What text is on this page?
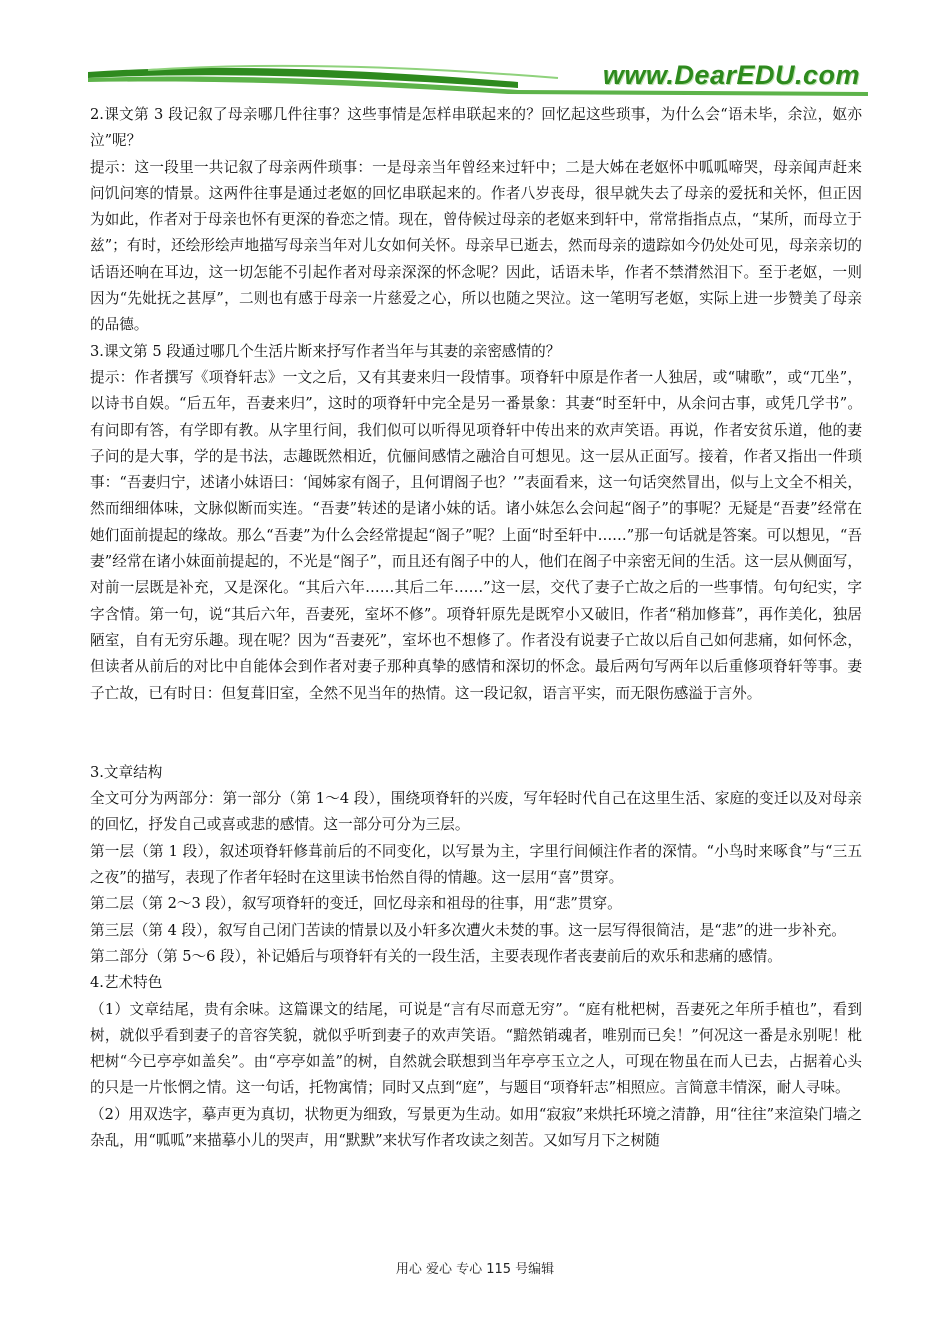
www.DearEDU.com

2.课文第 3 段记叙了母亲哪几件往事？这些事情是怎样串联起来的？回忆起这些琐事，为什么会“语未毕，余泣，妪亦泣”呢？

提示：这一段里一共记叙了母亲两件琐事：一是母亲当年曾经来过轩中；二是大姊在老妪怀中呱呱啼哭，母亲闻声赶来问饥问寒的情景。这两件往事是通过老妪的回忆串联起来的。作者八岁丧母，很早就失去了母亲的爱抚和关怀，但正因为如此，作者对于母亲也怀有更深的眷恋之情。现在，曾侍候过母亲的老妪来到轩中，常常指指点点，“某所，而母立于兹”；有时，还绘形绘声地描写母亲当年对儿女如何关怀。母亲早已逝去，然而母亲的遗踪如今仍处处可见，母亲亲切的话语还响在耳边，这一切怎能不引起作者对母亲深深的怀念呢？因此，话语未毕，作者不禁潸然泪下。至于老妪，一则因为“先妣抚之甚厚”，二则也有感于母亲一片慈爱之心，所以也随之哭泣。这一笔明写老妪，实际上进一步赞美了母亲的品德。

3.课文第 5 段通过哪几个生活片断来抒写作者当年与其妻的亲密感情的？

提示：作者撰写《项脊轩志》一文之后，又有其妻来归一段情事。项脊轩中原是作者一人独居，或“啸歌”，或“兀坐”，以诗书自娱。“后五年，吾妻来归”，这时的项脊轩中完全是另一番景象：其妻“时至轩中，从余问古事，或凭几学书”。有问即有答，有学即有教。从字里行间，我们似可以听得见项脊轩中传出来的欢声笑语。再说，作者安贫乐道，他的妻子问的是大事，学的是书法，志趣既然相近，伉俪间感情之融洽自可想见。这一层从正面写。接着，作者又指出一件琐事：“吾妻归宁，述诸小妹语曰：‘闻姊家有阁子，且何谓阁子也？’”表面看来，这一句话突然冒出，似与上文全不相关，然而细细体味，文脉似断而实连。“吾妻”转述的是诸小妹的话。诸小妹怎么会问起“阁子”的事呢？无疑是“吾妻”经常在她们面前提起的缘故。那么“吾妻”为什么会经常提起“阁子”呢？上面“时至轩中……”那一句话就是答案。可以想见，“吾妻”经常在诸小妹面前提起的，不光是“阁子”，而且还有阁子中的人，他们在阁子中亲密无间的生活。这一层从侧面写，对前一层既是补充，又是深化。“其后六年……其后二年……”这一层，交代了妻子亡故之后的一些事情。句句纪实，字字含情。第一句，说“其后六年，吾妻死，室坏不修”。项脊轩原先是既窄小又破旧，作者“稍加修葺”，再作美化，独居陋室，自有无穷乐趣。现在呢？因为“吾妻死”，室坏也不想修了。作者没有说妻子亡故以后自己如何悲痛，如何怀念，但读者从前后的对比中自能体会到作者对妻子那种真挚的感情和深切的怀念。最后两句写两年以后重修项脊轩等事。妻子亡故，已有时日：但复葺旧室，全然不见当年的热情。这一段记叙，语言平实，而无限伤感溢于言外。

3.文章结构

全文可分为两部分：第一部分（第 1～4 段），围绕项脊轩的兴废，写年轻时代自己在这里生活、家庭的变迁以及对母亲的回忆，抒发自己或喜或悲的感情。这一部分可分为三层。

第一层（第 1 段），叙述项脊轩修葺前后的不同变化，以写景为主，字里行间倾注作者的深情。“小鸟时来啄食”与“三五之夜”的描写，表现了作者年轻时在这里读书怡然自得的情趣。这一层用“喜”贯穿。

第二层（第 2～3 段），叙写项脊轩的变迁，回忆母亲和祖母的往事，用“悲”贯穿。

第三层（第 4 段），叙写自己闭门苦读的情景以及小轩多次遭火未焚的事。这一层写得很简洁，是“悲”的进一步补充。

第二部分（第 5～6 段），补记婚后与项脊轩有关的一段生活，主要表现作者丧妻前后的欢乐和悲痛的感情。

4.艺术特色

（1）文章结尾，贵有余味。这篇课文的结尾，可说是“言有尽而意无穷”。“庭有枇杷树，吾妻死之年所手植也”，看到树，就似乎看到妻子的音容笑貌，就似乎听到妻子的欢声笑语。“黯然销魂者，唯别而已矣！”何况这一番是永别呢！枇杷树“今已亭亭如盖矣”。由“亭亭如盖”的树，自然就会联想到当年亭亭玉立之人，可现在物虽在而人已去，占据着心头的只是一片怅惘之情。这一句话，托物寓情；同时又点到“庭”，与题目“项脊轩志”相照应。言简意丰情深，耐人寻味。

（2）用双迭字，摹声更为真切，状物更为细致，写景更为生动。如用“寂寂”来烘托环境之清静，用“往往”来渲染门墙之杂乱，用“呱呱”来描摹小儿的哭声，用“默默”来状写作者攻读之刻苦。又如写月下之树随

用心 爱心 专心 115 号编辑
